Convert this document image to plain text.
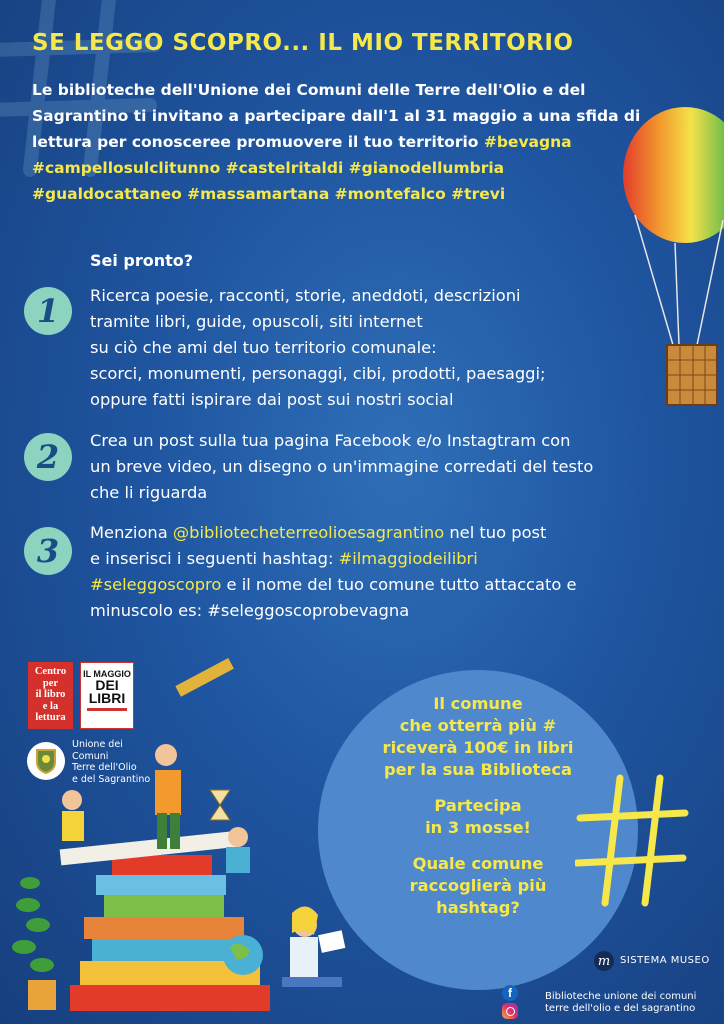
SE LEGGO SCOPRO... IL MIO TERRITORIO
Le biblioteche dell'Unione dei Comuni delle Terre dell'Olio e del Sagrantino ti invitano a partecipare dall'1 al 31 maggio a una sfida di lettura per conosceree promuovere il tuo territorio #bevagna #campellosulclitunno #castelritaldi #gianodellumbria #gualdocattaneo #massamartana #montefalco #trevi
Sei pronto?
1	Ricerca poesie, racconti, storie, aneddoti, descrizioni
tramite libri, guide, opuscoli, siti internet
su ciò che ami del tuo territorio comunale:
scorci, monumenti, personaggi, cibi, prodotti, paesaggi;
oppure fatti ispirare dai post sui nostri social
2	Crea un post sulla tua pagina Facebook e/o Instagtram con
un breve video, un disegno o un'immagine corredati del testo
che li riguarda
3	Menziona @bibliotecheterreolioesagrantino nel tuo post
e inserisci i seguenti hashtag: #ilmaggiodeilibri
#seleggoscopro e il nome del tuo comune tutto attaccato e
minuscolo es: #seleggoscoprobevagna
Centro
per
il libro
e la
lettura
IL MAGGIO
DEI
LIBRI
Unione dei
Comuni
Terre dell'Olio
e del Sagrantino

Il comune
che otterrà più #
riceverà 100€ in libri
per la sua Biblioteca

Partecipa
in 3 mosse!

Quale comune
raccoglierà più
hashtag?

m SISTEMA MUSEO
f	Biblioteche unione dei comuni
terre dell'olio e del sagrantino
